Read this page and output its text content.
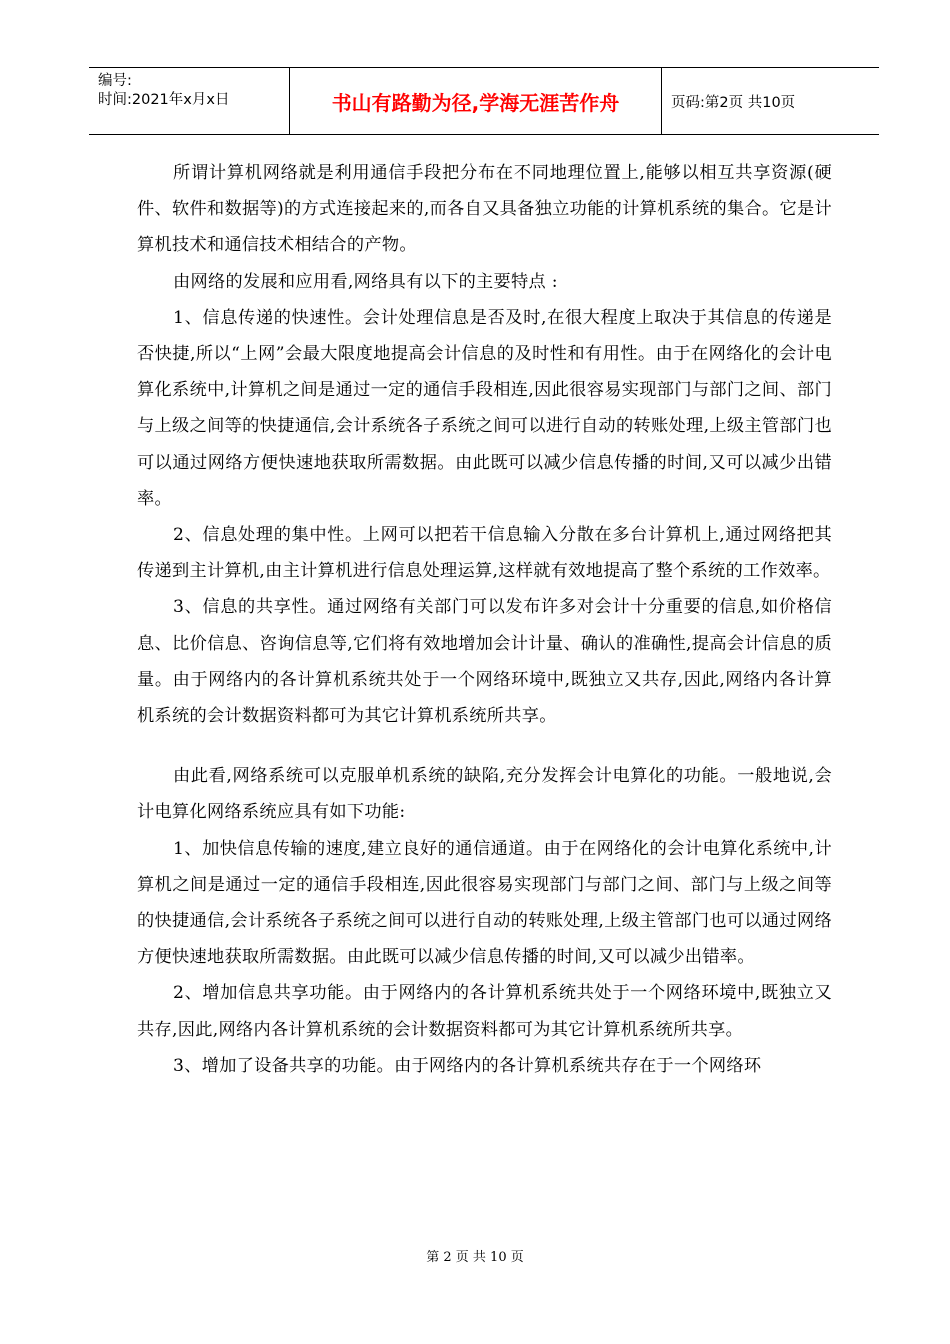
编号:
时间:2021年x月x日	书山有路勤为径,学海无涯苦作舟	页码:第2页 共10页

所谓计算机网络就是利用通信手段把分布在不同地理位置上,能够以相互共享资源(硬件、软件和数据等)的方式连接起来的,而各自又具备独立功能的计算机系统的集合。它是计算机技术和通信技术相结合的产物。

由网络的发展和应用看,网络具有以下的主要特点 :

1、信息传递的快速性。会计处理信息是否及时,在很大程度上取决于其信息的传递是否快捷,所以“上网”会最大限度地提高会计信息的及时性和有用性。由于在网络化的会计电算化系统中,计算机之间是通过一定的通信手段相连,因此很容易实现部门与部门之间、部门与上级之间等的快捷通信,会计系统各子系统之间可以进行自动的转账处理,上级主管部门也可以通过网络方便快速地获取所需数据。由此既可以减少信息传播的时间,又可以减少出错率。

2、信息处理的集中性。上网可以把若干信息输入分散在多台计算机上,通过网络把其传递到主计算机,由主计算机进行信息处理运算,这样就有效地提高了整个系统的工作效率。

3、信息的共享性。通过网络有关部门可以发布许多对会计十分重要的信息,如价格信息、比价信息、咨询信息等,它们将有效地增加会计计量、确认的准确性,提高会计信息的质量。由于网络内的各计算机系统共处于一个网络环境中,既独立又共存,因此,网络内各计算机系统的会计数据资料都可为其它计算机系统所共享。

由此看,网络系统可以克服单机系统的缺陷,充分发挥会计电算化的功能。一般地说,会计电算化网络系统应具有如下功能:

1、加快信息传输的速度,建立良好的通信通道。由于在网络化的会计电算化系统中,计算机之间是通过一定的通信手段相连,因此很容易实现部门与部门之间、部门与上级之间等的快捷通信,会计系统各子系统之间可以进行自动的转账处理,上级主管部门也可以通过网络方便快速地获取所需数据。由此既可以减少信息传播的时间,又可以减少出错率。

2、增加信息共享功能。由于网络内的各计算机系统共处于一个网络环境中,既独立又共存,因此,网络内各计算机系统的会计数据资料都可为其它计算机系统所共享。

3、增加了设备共享的功能。由于网络内的各计算机系统共存在于一个网络环

第 2 页 共 10 页
